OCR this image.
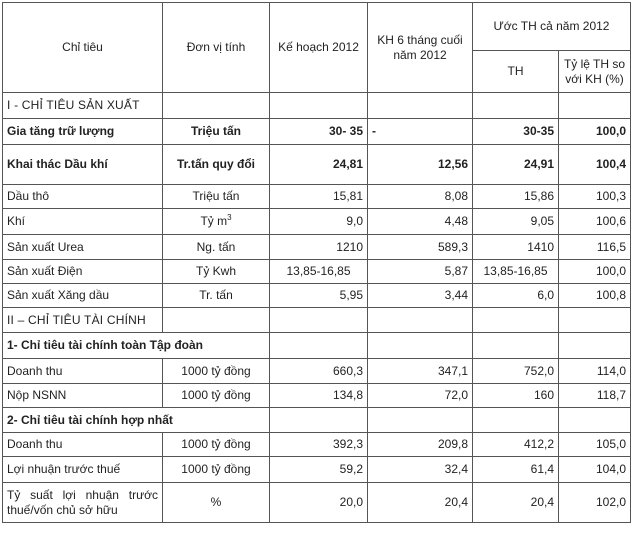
Chỉ tiêu	Đơn vị tính	Kế hoạch 2012	KH 6 tháng cuối năm 2012	Ước TH cả năm 2012	
				TH	Tỷ lệ TH so với KH (%)
I - CHỈ TIÊU SẢN XUẤT					
Gia tăng trữ lượng	Triệu tấn	30- 35	-	30-35	100,0
Khai thác Dầu khí	Tr.tấn quy đổi	24,81	12,56	24,91	100,4
Dầu thô	Triệu tấn	15,81	8,08	15,86	100,3
Khí	Tỷ $m^3$	9,0	4,48	9,05	100,6
Sản xuất Urea	Ng. tấn	1210	589,3	1410	116,5
Sản xuất Điện	Tỷ Kwh	13,85-16,85	5,87	13,85-16,85	100,0
Sản xuất Xăng dầu	Tr. tấn	5,95	3,44	6,0	100,8
II – CHỈ TIÊU TÀI CHÍNH					
1- Chỉ tiêu tài chính toàn Tập đoàn					
Doanh thu	1000 tỷ đồng	660,3	347,1	752,0	114,0
Nộp NSNN	1000 tỷ đồng	134,8	72,0	160	118,7
2- Chỉ tiêu tài chính hợp nhất					
Doanh thu	1000 tỷ đồng	392,3	209,8	412,2	105,0
Lợi nhuận trước thuế	1000 tỷ đồng	59,2	32,4	61,4	104,0
Tỷ suất lợi nhuận trước thuế/vốn chủ sở hữu	%	20,0	20,4	20,4	102,0
